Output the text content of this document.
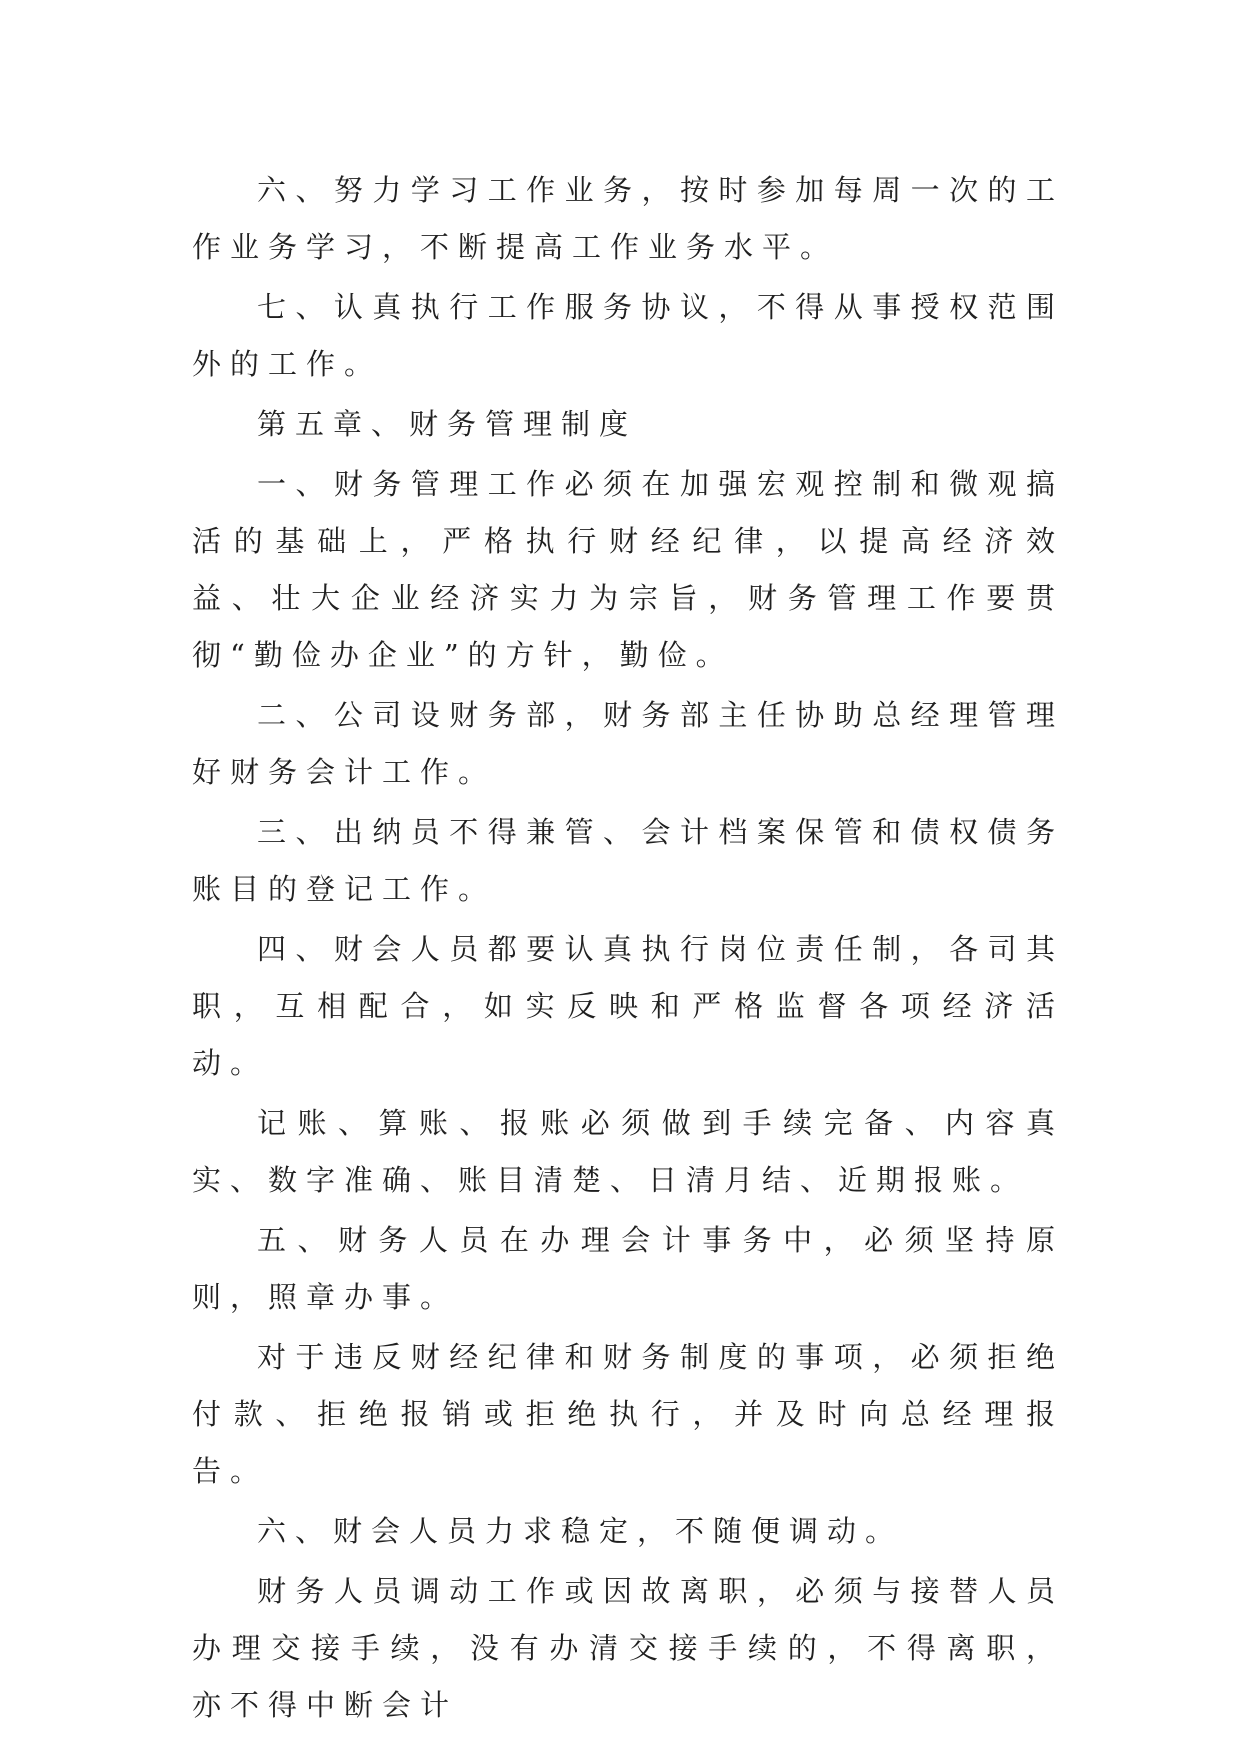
六、努力学习工作业务，按时参加每周一次的工作业务学习，不断提高工作业务水平。

七、认真执行工作服务协议，不得从事授权范围外的工作。

第五章、财务管理制度

一、财务管理工作必须在加强宏观控制和微观搞活的基础上，严格执行财经纪律，以提高经济效益、壮大企业经济实力为宗旨，财务管理工作要贯彻“勤俭办企业”的方针，勤俭。

二、公司设财务部，财务部主任协助总经理管理好财务会计工作。

三、出纳员不得兼管、会计档案保管和债权债务账目的登记工作。

四、财会人员都要认真执行岗位责任制，各司其职，互相配合，如实反映和严格监督各项经济活动。

记账、算账、报账必须做到手续完备、内容真实、数字准确、账目清楚、日清月结、近期报账。

五、财务人员在办理会计事务中，必须坚持原则，照章办事。

对于违反财经纪律和财务制度的事项，必须拒绝付款、拒绝报销或拒绝执行，并及时向总经理报告。

六、财会人员力求稳定，不随便调动。

财务人员调动工作或因故离职，必须与接替人员办理交接手续，没有办清交接手续的，不得离职，亦不得中断会计
